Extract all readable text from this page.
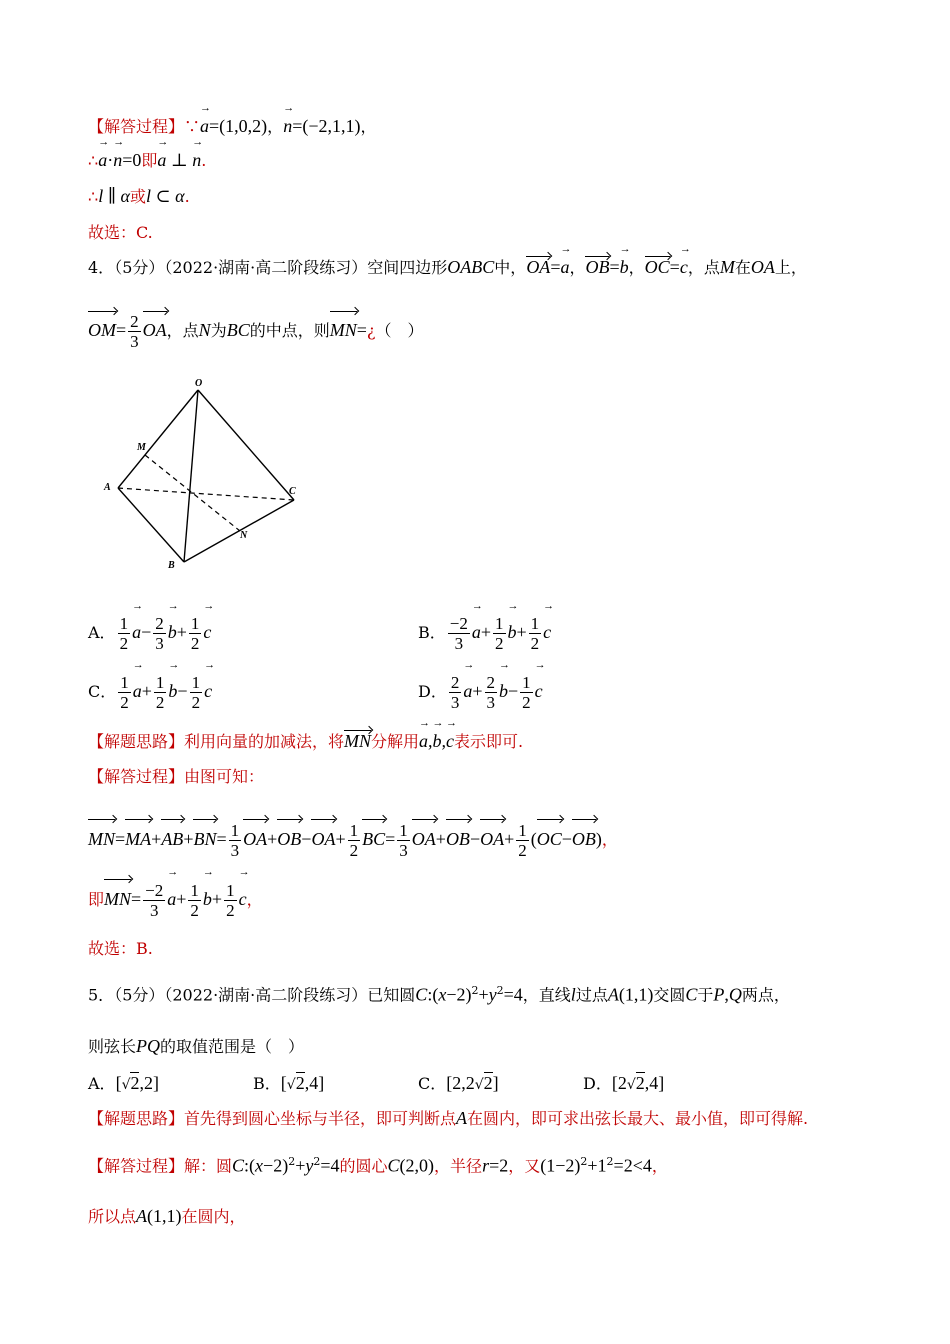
【解答过程】∵→ a=(1,0,2)，→ n=(−2,1,1)，
∴→ a·→ n=0即→ a ⊥ → n.
∴l ∥ α或l ⊂ α.
故选：C.
4．（5分）（2022·湖南·高二阶段练习）空间四边形OABC中，OA=→ a，OB=→ b，OC=→ c，点M在OA上，
$OM= \frac{2}{3}$ OA，点N为BC的中点，则MN=¿（　）
O
M
A	C
N
B
A． $\frac{1}{2}$
→ $a- \frac{2}{3}$
→ $b+ \frac{1}{2}$
→ c	B． $\frac{-2}{3}$
→ $a+ \frac{1}{2}$
→ $b+ \frac{1}{2}$
→ c
C． $\frac{1}{2}$
→ $a+ \frac{1}{2}$
→ $b- \frac{1}{2}$
→ c	D． $\frac{2}{3}$
→ $a+ \frac{2}{3}$
→ $b- \frac{1}{2}$
→ c
【解题思路】利用向量的加减法，将MN分解用→ a,→ b,→ c表示即可.
【解答过程】由图可知：
$MN=MA+AB+BN= \frac{1}{3} OA+OB-OA+ \frac{1}{2} BC= \frac{1}{3} OA+OB-OA+ \frac{1}{2} (OC-OB)$，
即$MN= \frac{-2}{3}$
→ $a+ \frac{1}{2}$
→ $b+ \frac{1}{2}$
→ c，
故选：B.
5．（5分）（2022·湖南·高二阶段练习）已知圆$C:(x-2)^2+y^2=4$，直线l过点A(1,1)交圆C于P,Q两点，
则弦长PQ的取值范围是（　）
A．[√2,2]	B．[√2,4]	C．[2,2√2]	D．[2√2,4]
【解题思路】首先得到圆心坐标与半径，即可判断点A在圆内，即可求出弦长最大、最小值，即可得解.
【解答过程】解：圆$C:(x-2)^2+y^2=4$的圆心C(2,0)，半径r=2，又$(1-2)^2+1^2=2<4$，
所以点A(1,1)在圆内，
